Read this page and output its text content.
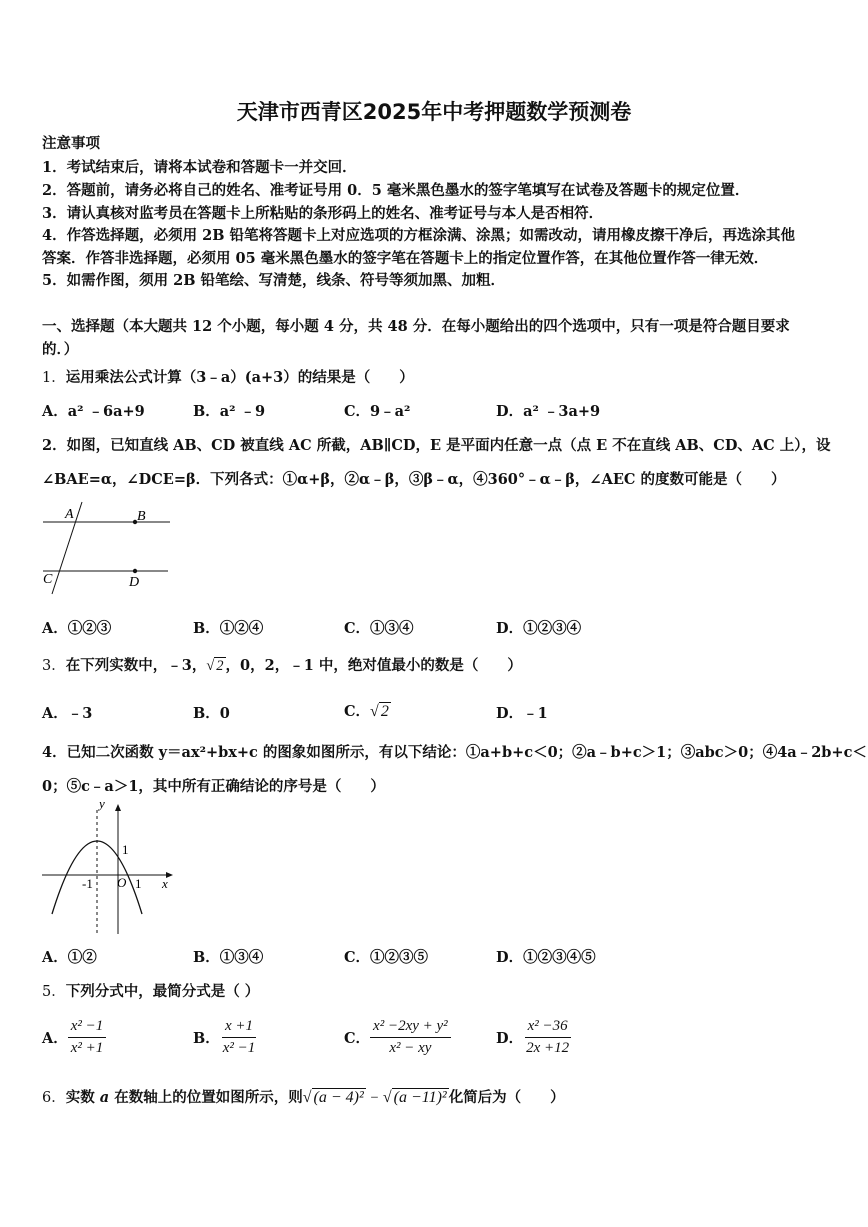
天津市西青区2025年中考押题数学预测卷
注意事项
1．考试结束后，请将本试卷和答题卡一并交回．
2．答题前，请务必将自己的姓名、准考证号用 0．5 毫米黑色墨水的签字笔填写在试卷及答题卡的规定位置．
3．请认真核对监考员在答题卡上所粘贴的条形码上的姓名、准考证号与本人是否相符．
4．作答选择题，必须用 2B 铅笔将答题卡上对应选项的方框涂满、涂黑；如需改动，请用橡皮擦干净后，再选涂其他
答案．作答非选择题，必须用 05 毫米黑色墨水的签字笔在答题卡上的指定位置作答，在其他位置作答一律无效．
5．如需作图，须用 2B 铅笔绘、写清楚，线条、符号等须加黑、加粗．
一、选择题（本大题共 12 个小题，每小题 4 分，共 48 分．在每小题给出的四个选项中，只有一项是符合题目要求
的．）
1．运用乘法公式计算（3﹣a）(a+3）的结果是（　　）
A．a² ﹣6a+9	B．a² ﹣9	C．9﹣a²	D．a² ﹣3a+9
2．如图，已知直线 AB、CD 被直线 AC 所截，AB∥CD，E 是平面内任意一点（点 E 不在直线 AB、CD、AC 上），设
∠BAE=α，∠DCE=β．下列各式：①α+β，②α﹣β，③β﹣α，④360°﹣α﹣β，∠AEC 的度数可能是（　　）
A	B
C	D
A．①②③	B．①②④	C．①③④	D．①②③④
3．在下列实数中，﹣3，√ 2 ，0，2，﹣1 中，绝对值最小的数是（　　）
A．﹣3	B．0	C．√ 2	D．﹣1
4．已知二次函数 y＝ax²+bx+c 的图象如图所示，有以下结论：①a+b+c＜0；②a﹣b+c＞1；③abc＞0；④4a﹣2b+c＜
0；⑤c﹣a＞1，其中所有正确结论的序号是（　　）
y
x
1
-1 O 1
A．①②	B．①③④	C．①②③⑤	D．①②③④⑤
5．下列分式中，最简分式是（ ）
A． $\frac{\text{x² −1}}{\text{x² +1}}$	B． $\frac{x +1}{\text{x² −1}}$	C． $\frac{\text{x² −2xy + y²}}{\text{x² − xy}}$	D． $\frac{\text{x² −36}}{2x +12}$
6．实数 a 在数轴上的位置如图所示，则√ (a − 4)² − √ (a −11)² 化简后为（　　）
